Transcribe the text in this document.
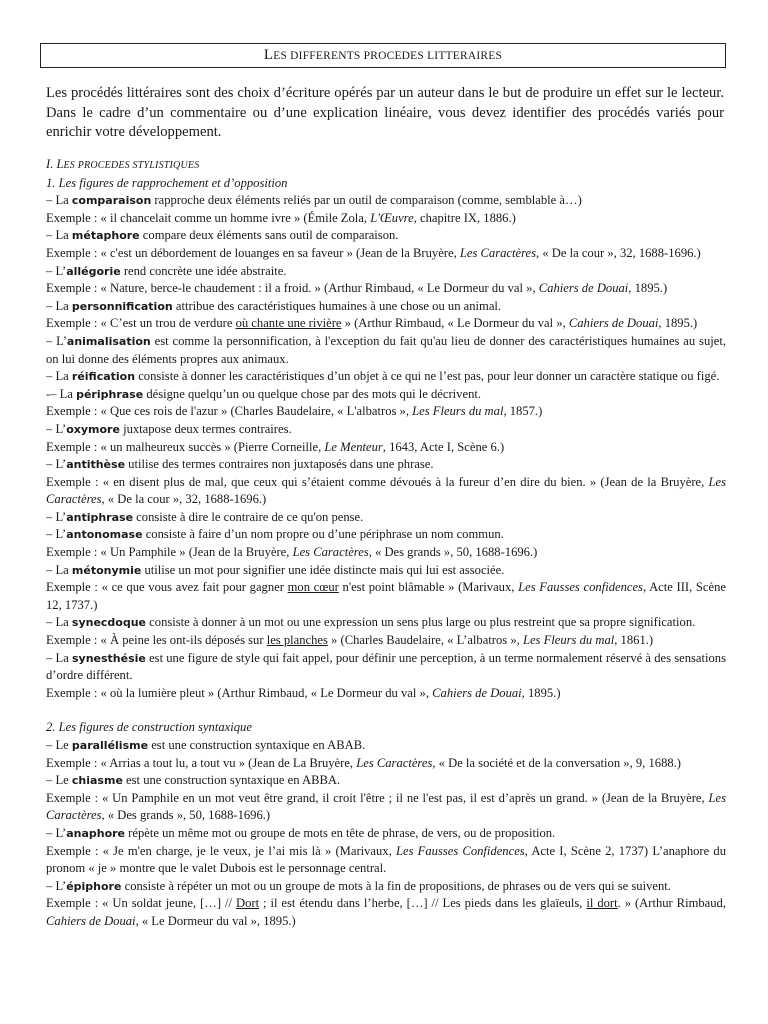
LES DIFFERENTS PROCEDES LITTERAIRES

Les procédés littéraires sont des choix d’écriture opérés par un auteur dans le but de produire un effet sur le lecteur. Dans le cadre d’un commentaire ou d’une explication linéaire, vous devez identifier des procédés variés pour enrichir votre développement.

I. LES PROCEDES STYLISTIQUES

1. Les figures de rapprochement et d’opposition

– La comparaison rapproche deux éléments reliés par un outil de comparaison (comme, semblable à…)

Exemple : « il chancelait comme un homme ivre » (Émile Zola, L'Œuvre, chapitre IX, 1886.)

– La métaphore compare deux éléments sans outil de comparaison.

Exemple : « c'est un débordement de louanges en sa faveur » (Jean de la Bruyère, Les Caractères, « De la cour », 32, 1688-1696.)

– L’allégorie rend concrète une idée abstraite.

Exemple : « Nature, berce-le chaudement : il a froid. » (Arthur Rimbaud, « Le Dormeur du val », Cahiers de Douai, 1895.)

– La personnification attribue des caractéristiques humaines à une chose ou un animal.

Exemple : « C’est un trou de verdure où chante une rivière » (Arthur Rimbaud, « Le Dormeur du val », Cahiers de Douai, 1895.)

– L’animalisation est comme la personnification, à l'exception du fait qu'au lieu de donner des caractéristiques humaines au sujet, on lui donne des éléments propres aux animaux.

– La réification consiste à donner les caractéristiques d’un objet à ce qui ne l’est pas, pour leur donner un caractère statique ou figé.

-– La périphrase désigne quelqu’un ou quelque chose par des mots qui le décrivent.

Exemple : « Que ces rois de l'azur » (Charles Baudelaire, « L'albatros », Les Fleurs du mal, 1857.)

– L’oxymore juxtapose deux termes contraires.

Exemple : « un malheureux succès » (Pierre Corneille, Le Menteur, 1643, Acte I, Scène 6.)

– L’antithèse utilise des termes contraires non juxtaposés dans une phrase.

Exemple : « en disent plus de mal, que ceux qui s’étaient comme dévoués à la fureur d’en dire du bien. » (Jean de la Bruyère, Les Caractères, « De la cour », 32, 1688-1696.)

– L’antiphrase consiste à dire le contraire de ce qu'on pense.

– L’antonomase consiste à faire d’un nom propre ou d’une périphrase un nom commun.

Exemple : « Un Pamphile » (Jean de la Bruyère, Les Caractères, « Des grands », 50, 1688-1696.)

– La métonymie utilise un mot pour signifier une idée distincte mais qui lui est associée.

Exemple : « ce que vous avez fait pour gagner mon cœur n'est point blâmable » (Marivaux, Les Fausses confidences, Acte III, Scène 12, 1737.)

– La synecdoque consiste à donner à un mot ou une expression un sens plus large ou plus restreint que sa propre signification.

Exemple : « À peine les ont-ils déposés sur les planches » (Charles Baudelaire, « L’albatros », Les Fleurs du mal, 1861.)

– La synesthésie est une figure de style qui fait appel, pour définir une perception, à un terme normalement réservé à des sensations d’ordre différent.

Exemple : « où la lumière pleut » (Arthur Rimbaud, « Le Dormeur du val », Cahiers de Douai, 1895.)

2. Les figures de construction syntaxique

– Le parallélisme est une construction syntaxique en ABAB.

Exemple : « Arrias a tout lu, a tout vu » (Jean de La Bruyère, Les Caractères, « De la société et de la conversation », 9, 1688.)

– Le chiasme est une construction syntaxique en ABBA.

Exemple : « Un Pamphile en un mot veut être grand, il croit l'être ; il ne l'est pas, il est d’après un grand. » (Jean de la Bruyère, Les Caractères, « Des grands », 50, 1688-1696.)

– L’anaphore répète un même mot ou groupe de mots en tête de phrase, de vers, ou de proposition.

Exemple : « Je m'en charge, je le veux, je l’ai mis là » (Marivaux, Les Fausses Confidences, Acte I, Scène 2, 1737) L’anaphore du pronom « je » montre que le valet Dubois est le personnage central.

– L’épiphore consiste à répéter un mot ou un groupe de mots à la fin de propositions, de phrases ou de vers qui se suivent.

Exemple : « Un soldat jeune, […] // Dort ; il est étendu dans l’herbe, […] // Les pieds dans les glaïeuls, il dort. » (Arthur Rimbaud, Cahiers de Douai, « Le Dormeur du val », 1895.)
